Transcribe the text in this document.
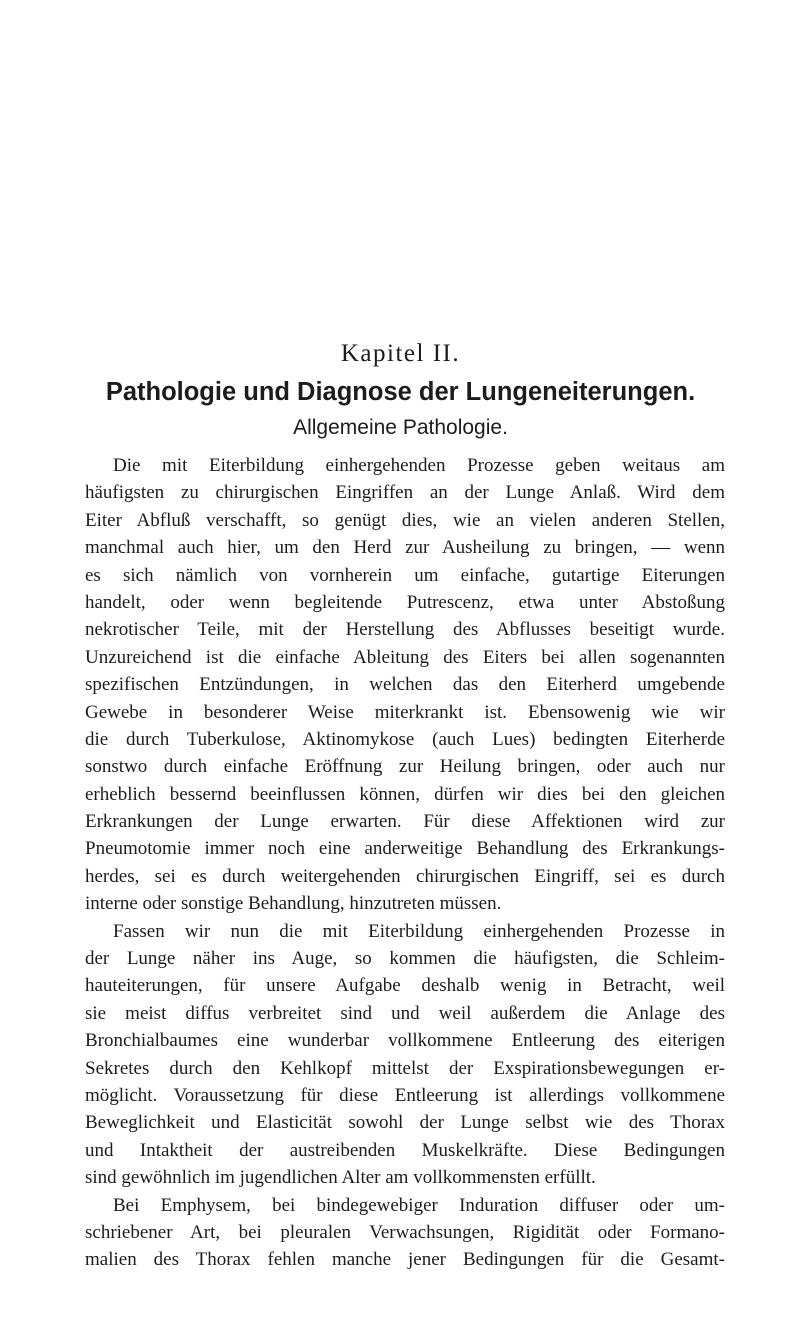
Kapitel II.
Pathologie und Diagnose der Lungeneiterungen.
Allgemeine Pathologie.
Die mit Eiterbildung einhergehenden Prozesse geben weitaus am
häufigsten zu chirurgischen Eingriffen an der Lunge Anlaß. Wird dem
Eiter Abfluß verschafft, so genügt dies, wie an vielen anderen Stellen,
manchmal auch hier, um den Herd zur Ausheilung zu bringen, — wenn
es sich nämlich von vornherein um einfache, gutartige Eiterungen
handelt, oder wenn begleitende Putrescenz, etwa unter Abstoßung
nekrotischer Teile, mit der Herstellung des Abflusses beseitigt wurde.
Unzureichend ist die einfache Ableitung des Eiters bei allen sogenannten
spezifischen Entzündungen, in welchen das den Eiterherd umgebende
Gewebe in besonderer Weise miterkrankt ist. Ebensowenig wie wir
die durch Tuberkulose, Aktinomykose (auch Lues) bedingten Eiterherde
sonstwo durch einfache Eröffnung zur Heilung bringen, oder auch nur
erheblich bessernd beeinflussen können, dürfen wir dies bei den gleichen
Erkrankungen der Lunge erwarten. Für diese Affektionen wird zur
Pneumotomie immer noch eine anderweitige Behandlung des Erkrankungs-
herdes, sei es durch weitergehenden chirurgischen Eingriff, sei es durch
interne oder sonstige Behandlung, hinzutreten müssen.
Fassen wir nun die mit Eiterbildung einhergehenden Prozesse in
der Lunge näher ins Auge, so kommen die häufigsten, die Schleim-
hauteiterungen, für unsere Aufgabe deshalb wenig in Betracht, weil
sie meist diffus verbreitet sind und weil außerdem die Anlage des
Bronchialbaumes eine wunderbar vollkommene Entleerung des eiterigen
Sekretes durch den Kehlkopf mittelst der Exspirationsbewegungen er-
möglicht. Voraussetzung für diese Entleerung ist allerdings vollkommene
Beweglichkeit und Elasticität sowohl der Lunge selbst wie des Thorax
und Intaktheit der austreibenden Muskelkräfte. Diese Bedingungen
sind gewöhnlich im jugendlichen Alter am vollkommensten erfüllt.
Bei Emphysem, bei bindegewebiger Induration diffuser oder um-
schriebener Art, bei pleuralen Verwachsungen, Rigidität oder Formano-
malien des Thorax fehlen manche jener Bedingungen für die Gesamt-
